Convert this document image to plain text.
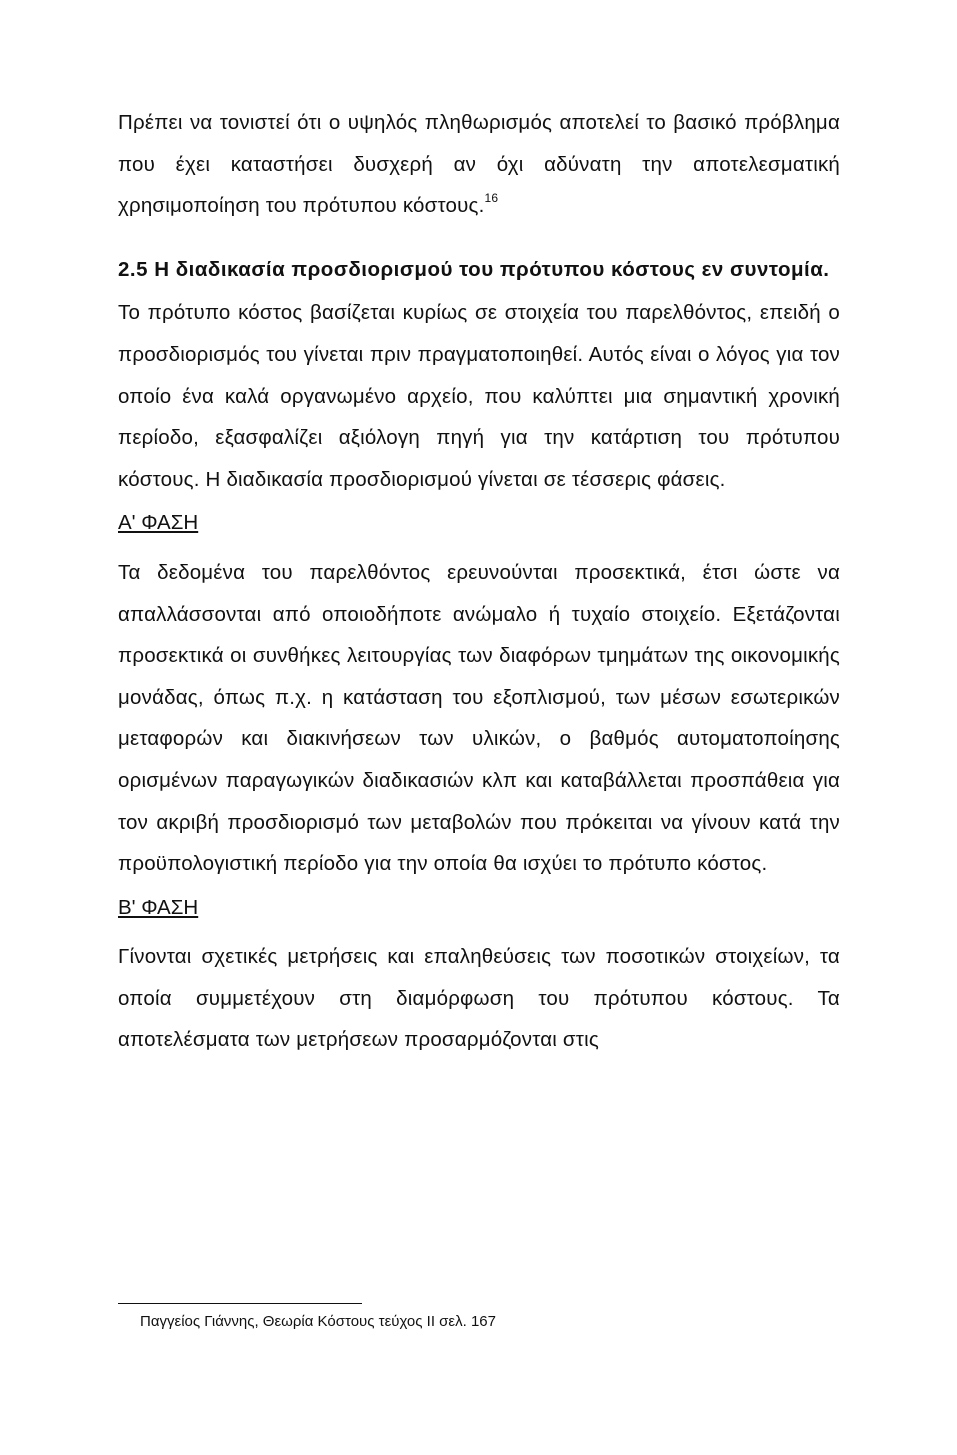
Πρέπει να τονιστεί ότι ο υψηλός πληθωρισμός αποτελεί το βασικό πρόβλημα που έχει καταστήσει δυσχερή αν όχι αδύνατη την αποτελεσματική χρησιμοποίηση του πρότυπου κόστους.$^{16}$

2.5 Η διαδικασία προσδιορισμού του πρότυπου κόστους εν συντομία.

Το πρότυπο κόστος βασίζεται κυρίως σε στοιχεία του παρελθόντος, επειδή ο προσδιορισμός του γίνεται πριν πραγματοποιηθεί. Αυτός είναι ο λόγος για τον οποίο ένα καλά οργανωμένο αρχείο, που καλύπτει μια σημαντική χρονική περίοδο, εξασφαλίζει αξιόλογη πηγή για την κατάρτιση του πρότυπου κόστους. Η διαδικασία προσδιορισμού γίνεται σε τέσσερις φάσεις.

Α' ΦΑΣΗ

Τα δεδομένα του παρελθόντος ερευνούνται προσεκτικά, έτσι ώστε να απαλλάσσονται από οποιοδήποτε ανώμαλο ή τυχαίο στοιχείο. Εξετάζονται προσεκτικά οι συνθήκες λειτουργίας των διαφόρων τμημάτων της οικονομικής μονάδας, όπως π.χ. η κατάσταση του εξοπλισμού, των μέσων εσωτερικών μεταφορών και διακινήσεων των υλικών, ο βαθμός αυτοματοποίησης ορισμένων παραγωγικών διαδικασιών κλπ και καταβάλλεται προσπάθεια για τον ακριβή προσδιορισμό των μεταβολών που πρόκειται να γίνουν κατά την προϋπολογιστική περίοδο για την οποία θα ισχύει το πρότυπο κόστος.

Β' ΦΑΣΗ

Γίνονται σχετικές μετρήσεις και επαληθεύσεις των ποσοτικών στοιχείων, τα οποία συμμετέχουν στη διαμόρφωση του πρότυπου κόστους. Τα αποτελέσματα των μετρήσεων προσαρμόζονται στις

Παγγείος Γιάννης, Θεωρία Κόστους τεύχος ΙΙ σελ. 167
